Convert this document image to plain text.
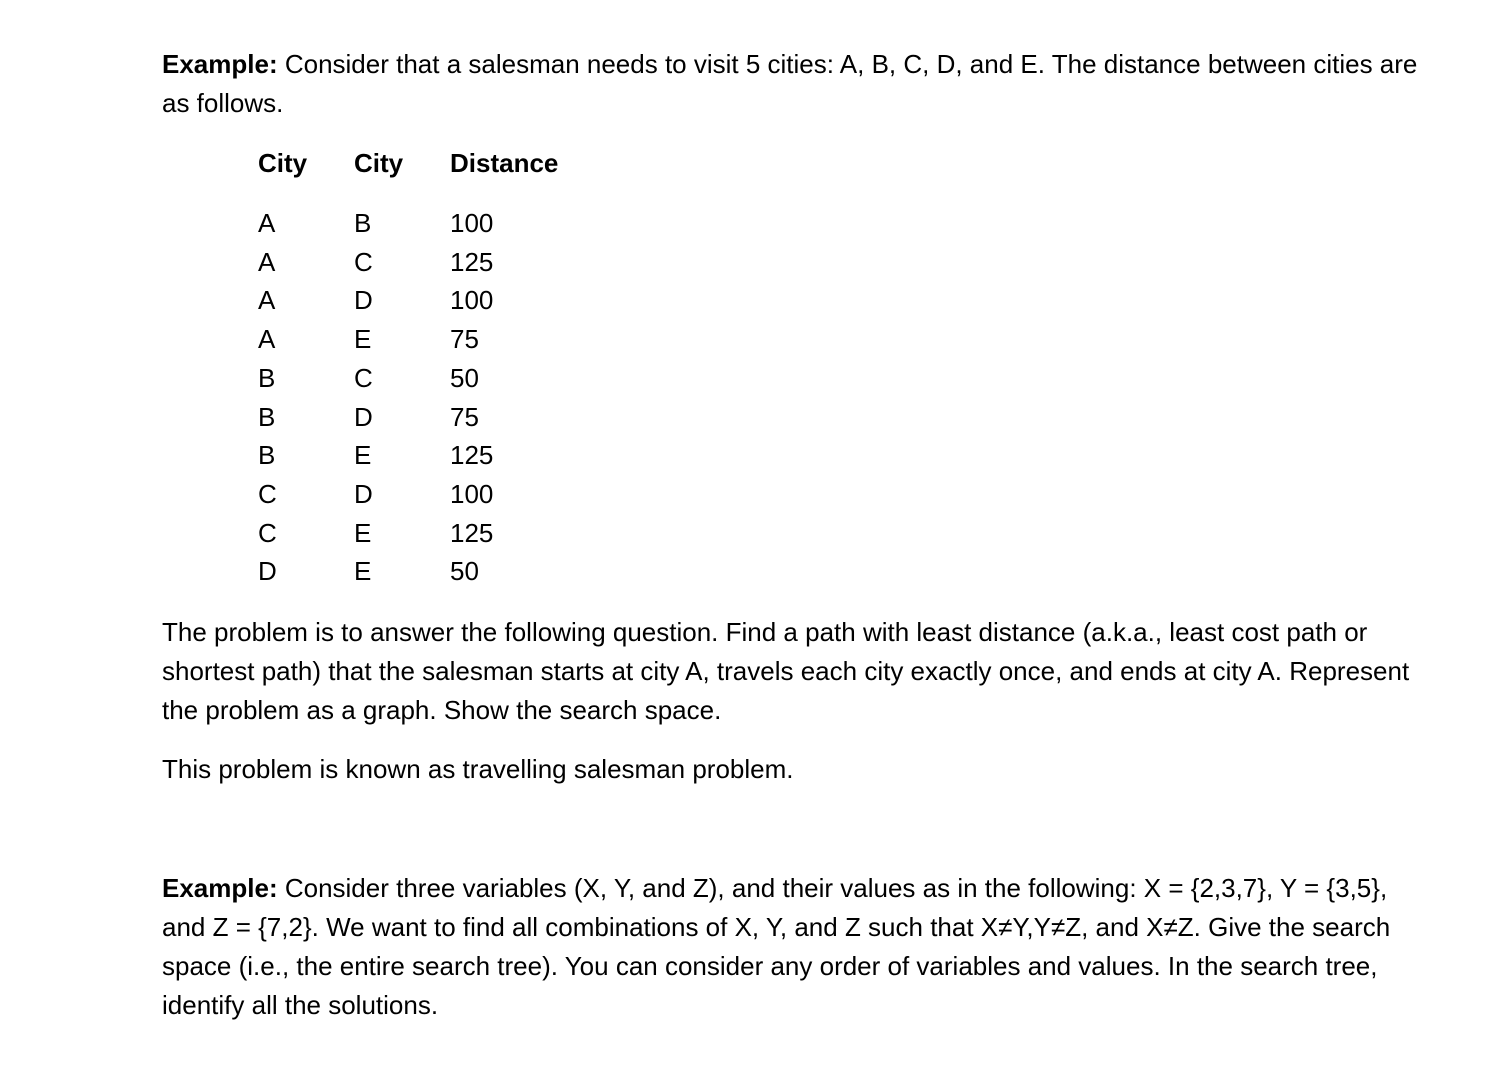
Example: Consider that a salesman needs to visit 5 cities: A, B, C, D, and E. The distance between cities are as follows.

City	City	Distance

A	B	100
A	C	125
A	D	100
A	E	75
B	C	50
B	D	75
B	E	125
C	D	100
C	E	125
D	E	50

The problem is to answer the following question. Find a path with least distance (a.k.a., least cost path or shortest path) that the salesman starts at city A, travels each city exactly once, and ends at city A. Represent the problem as a graph. Show the search space.

This problem is known as travelling salesman problem.

Example: Consider three variables (X, Y, and Z), and their values as in the following: X = {2,3,7}, Y = {3,5}, and Z = {7,2}. We want to find all combinations of X, Y, and Z such that X≠Y,Y≠Z, and X≠Z. Give the search space (i.e., the entire search tree). You can consider any order of variables and values. In the search tree, identify all the solutions.
